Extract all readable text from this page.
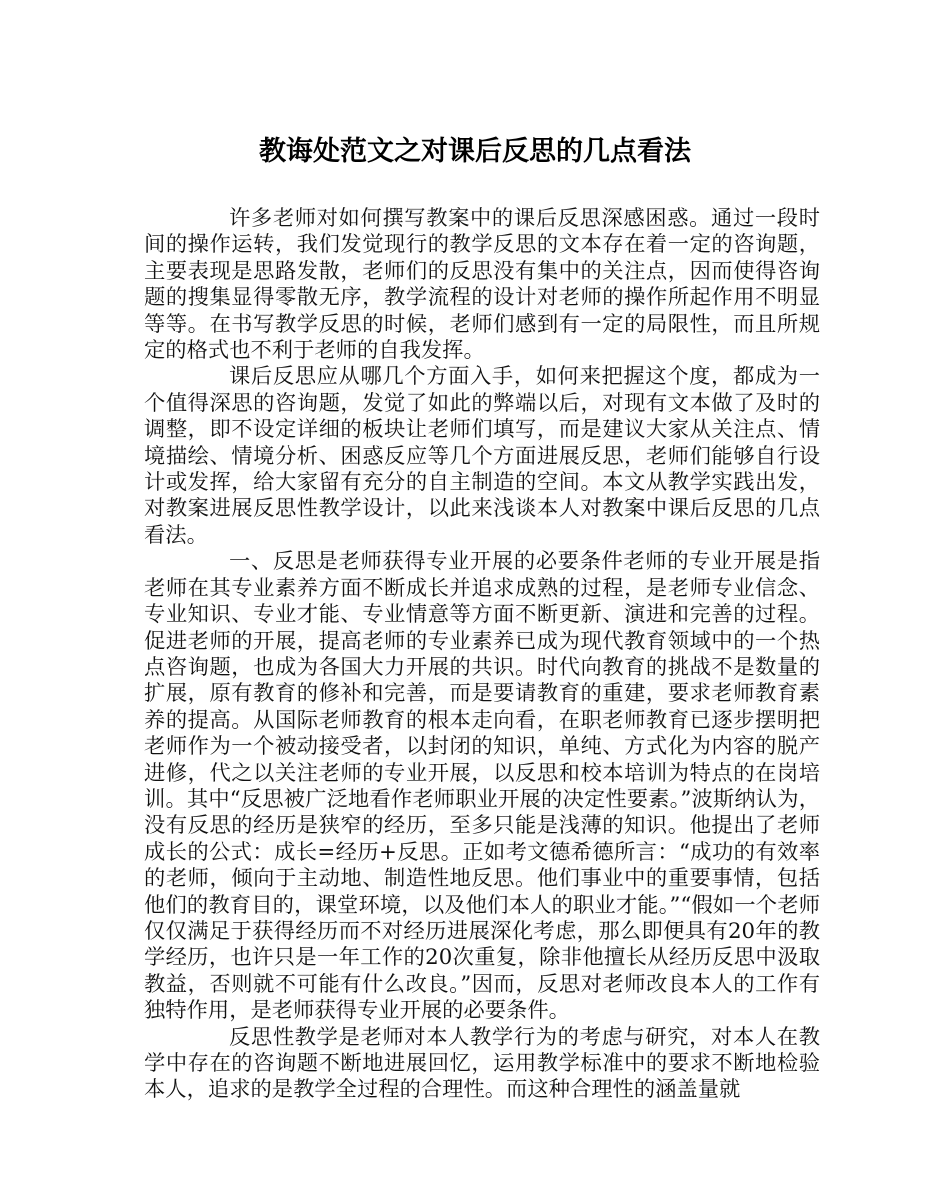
教诲处范文之对课后反思的几点看法

许多老师对如何撰写教案中的课后反思深感困惑。通过一段时间的操作运转，我们发觉现行的教学反思的文本存在着一定的咨询题，主要表现是思路发散，老师们的反思没有集中的关注点，因而使得咨询题的搜集显得零散无序，教学流程的设计对老师的操作所起作用不明显等等。在书写教学反思的时候，老师们感到有一定的局限性，而且所规定的格式也不利于老师的自我发挥。

课后反思应从哪几个方面入手，如何来把握这个度，都成为一个值得深思的咨询题，发觉了如此的弊端以后，对现有文本做了及时的调整，即不设定详细的板块让老师们填写，而是建议大家从关注点、情境描绘、情境分析、困惑反应等几个方面进展反思，老师们能够自行设计或发挥，给大家留有充分的自主制造的空间。本文从教学实践出发，对教案进展反思性教学设计，以此来浅谈本人对教案中课后反思的几点看法。

一、反思是老师获得专业开展的必要条件老师的专业开展是指老师在其专业素养方面不断成长并追求成熟的过程，是老师专业信念、专业知识、专业才能、专业情意等方面不断更新、演进和完善的过程。促进老师的开展，提高老师的专业素养已成为现代教育领域中的一个热点咨询题，也成为各国大力开展的共识。时代向教育的挑战不是数量的扩展，原有教育的修补和完善，而是要请教育的重建，要求老师教育素养的提高。从国际老师教育的根本走向看，在职老师教育已逐步摆明把老师作为一个被动接受者，以封闭的知识，单纯、方式化为内容的脱产进修，代之以关注老师的专业开展，以反思和校本培训为特点的在岗培训。其中“反思被广泛地看作老师职业开展的决定性要素。”波斯纳认为，没有反思的经历是狭窄的经历，至多只能是浅薄的知识。他提出了老师成长的公式：成长=经历+反思。正如考文德希德所言：“成功的有效率的老师，倾向于主动地、制造性地反思。他们事业中的重要事情，包括他们的教育目的，课堂环境，以及他们本人的职业才能。”“假如一个老师仅仅满足于获得经历而不对经历进展深化考虑，那么即便具有20年的教学经历，也许只是一年工作的20次重复，除非他擅长从经历反思中汲取教益，否则就不可能有什么改良。”因而，反思对老师改良本人的工作有独特作用，是老师获得专业开展的必要条件。

反思性教学是老师对本人教学行为的考虑与研究，对本人在教学中存在的咨询题不断地进展回忆，运用教学标准中的要求不断地检验本人，追求的是教学全过程的合理性。而这种合理性的涵盖量就
